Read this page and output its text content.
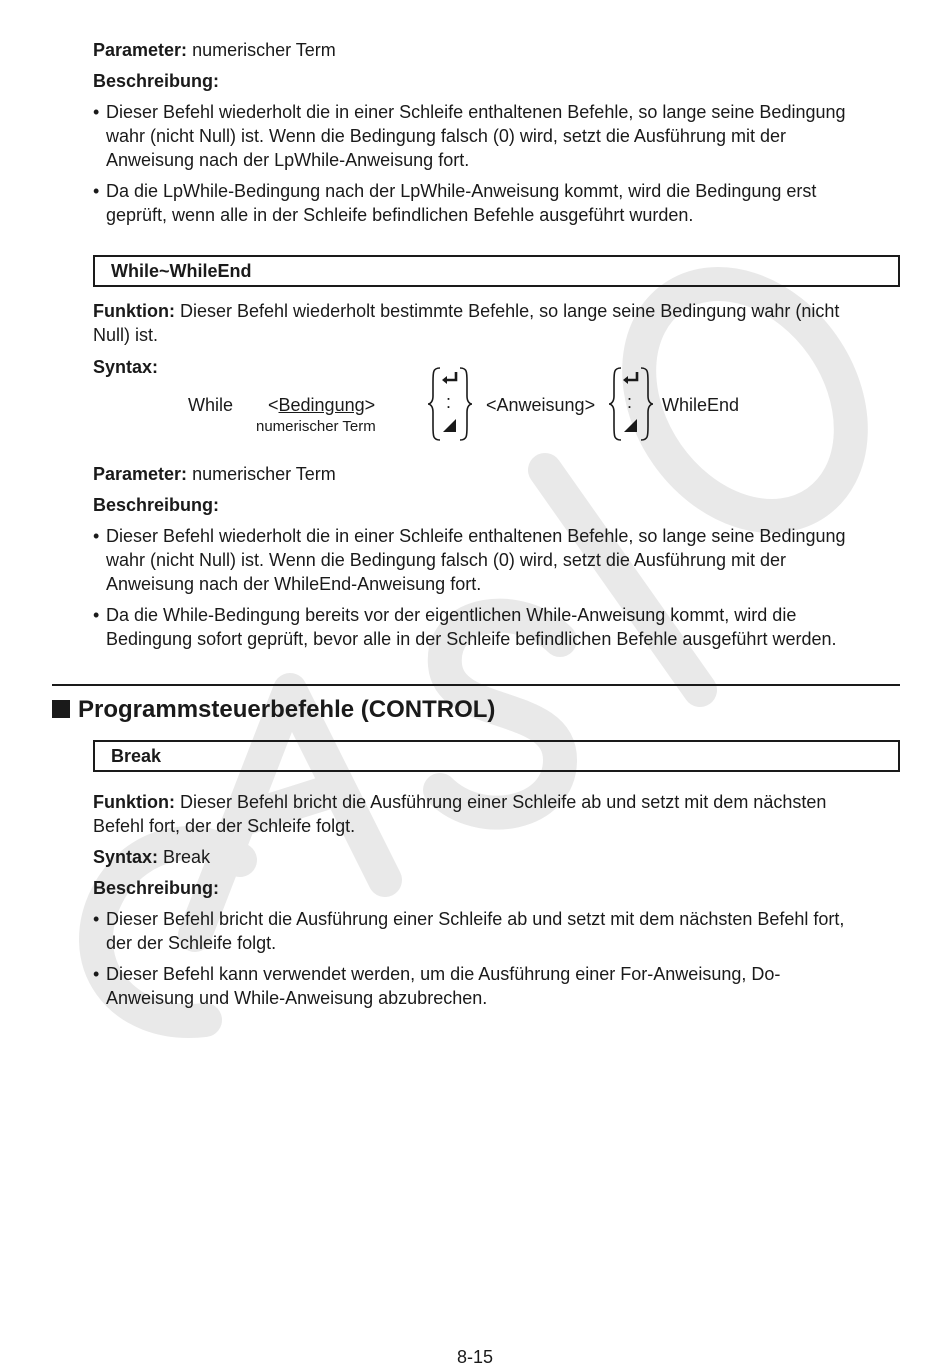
Parameter: numerischer Term
Beschreibung:
• Dieser Befehl wiederholt die in einer Schleife enthaltenen Befehle, so lange seine Bedingung
wahr (nicht Null) ist. Wenn die Bedingung falsch (0) wird, setzt die Ausführung mit der
Anweisung nach der LpWhile-Anweisung fort.
• Da die LpWhile-Bedingung nach der LpWhile-Anweisung kommt, wird die Bedingung erst
geprüft, wenn alle in der Schleife befindlichen Befehle ausgeführt wurden.
While~WhileEnd
Funktion: Dieser Befehl wiederholt bestimmte Befehle, so lange seine Bedingung wahr (nicht
Null) ist.
Syntax:
While <Bedingung>
numerischer Term
: <Anweisung> : WhileEnd
Parameter: numerischer Term
Beschreibung:
• Dieser Befehl wiederholt die in einer Schleife enthaltenen Befehle, so lange seine Bedingung
wahr (nicht Null) ist. Wenn die Bedingung falsch (0) wird, setzt die Ausführung mit der
Anweisung nach der WhileEnd-Anweisung fort.
• Da die While-Bedingung bereits vor der eigentlichen While-Anweisung kommt, wird die
Bedingung sofort geprüft, bevor alle in der Schleife befindlichen Befehle ausgeführt werden.
Programmsteuerbefehle (CONTROL)
Break
Funktion: Dieser Befehl bricht die Ausführung einer Schleife ab und setzt mit dem nächsten
Befehl fort, der der Schleife folgt.
Syntax: Break
Beschreibung:
• Dieser Befehl bricht die Ausführung einer Schleife ab und setzt mit dem nächsten Befehl fort,
der der Schleife folgt.
• Dieser Befehl kann verwendet werden, um die Ausführung einer For-Anweisung, Do-
Anweisung und While-Anweisung abzubrechen.
8-15
